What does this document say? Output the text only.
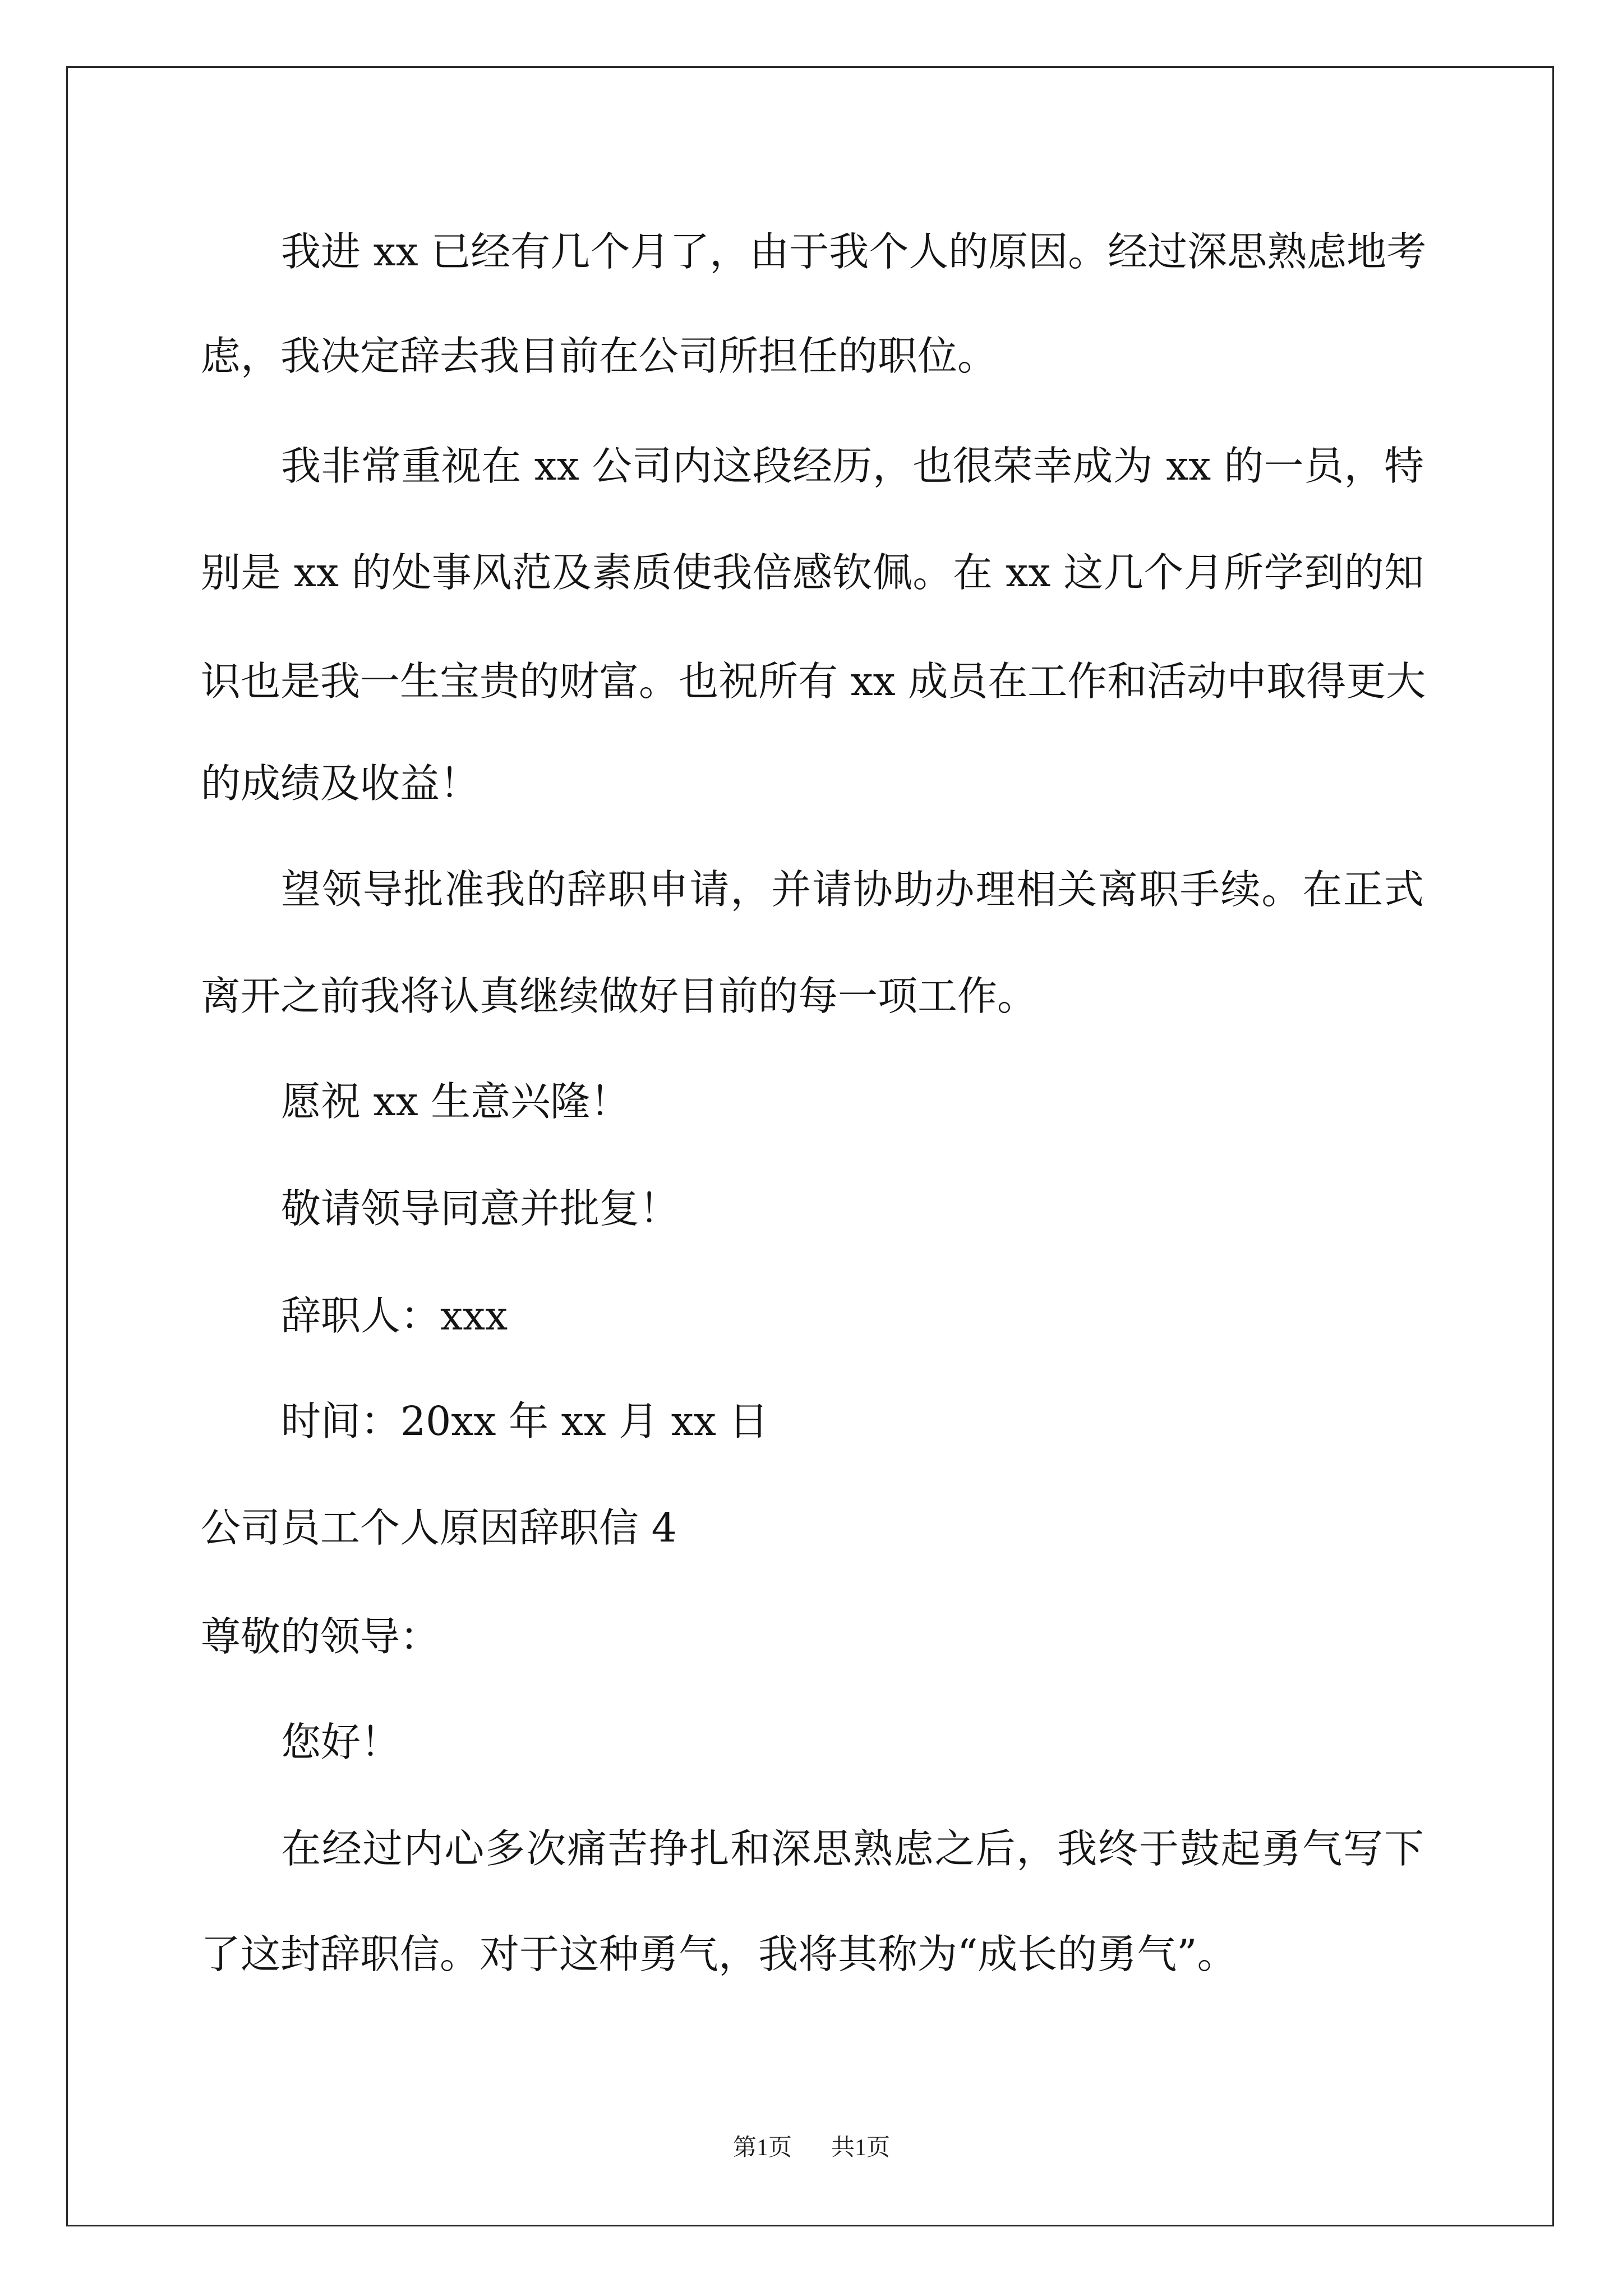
我进 xx 已经有几个月了，由于我个人的原因。经过深思熟虑地考
虑，我决定辞去我目前在公司所担任的职位。
我非常重视在 xx 公司内这段经历，也很荣幸成为 xx 的一员，特
别是 xx 的处事风范及素质使我倍感钦佩。在 xx 这几个月所学到的知
识也是我一生宝贵的财富。也祝所有 xx 成员在工作和活动中取得更大
的成绩及收益！
望领导批准我的辞职申请，并请协助办理相关离职手续。在正式
离开之前我将认真继续做好目前的每一项工作。
愿祝 xx 生意兴隆！
敬请领导同意并批复！
辞职人：xxx
时间：20xx 年 xx 月 xx 日
公司员工个人原因辞职信 4
尊敬的领导：
您好！
在经过内心多次痛苦挣扎和深思熟虑之后，我终于鼓起勇气写下
了这封辞职信。对于这种勇气，我将其称为“成长的勇气”。
第1页 共1页
